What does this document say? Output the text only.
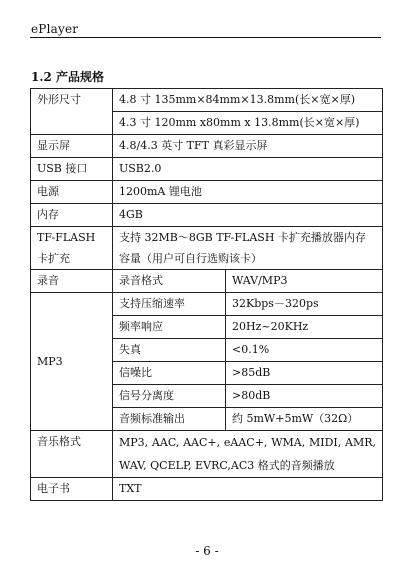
ePlayer
1.2 产品规格
外形尺寸	4.8 寸 135mm×84mm×13.8mm(长×宽×厚)	
	4.3 寸 120mm x80mm x 13.8mm(长×宽×厚)	
显示屏	4.8/4.3 英寸 TFT 真彩显示屏	
USB 接口	USB2.0	
电源	1200mA 锂电池	
内存	4GB	
TF-FLASH 卡扩充	支持 32MB～8GB TF-FLASH 卡扩充播放器内存容量（用户可自行选购该卡）	
录音	录音格式	WAV/MP3
MP3	支持压缩速率	32Kbps－320ps
	频率响应	20Hz~20KHz
	失真	<0.1%
	信噪比	>85dB
	信号分离度	>80dB
	音频标准输出	约 5mW+5mW（32Ω）
音乐格式	MP3, AAC, AAC+, eAAC+, WMA, MIDI, AMR, WAV, QCELP, EVRC,AC3 格式的音频播放	
电子书	TXT	
- 6 -
